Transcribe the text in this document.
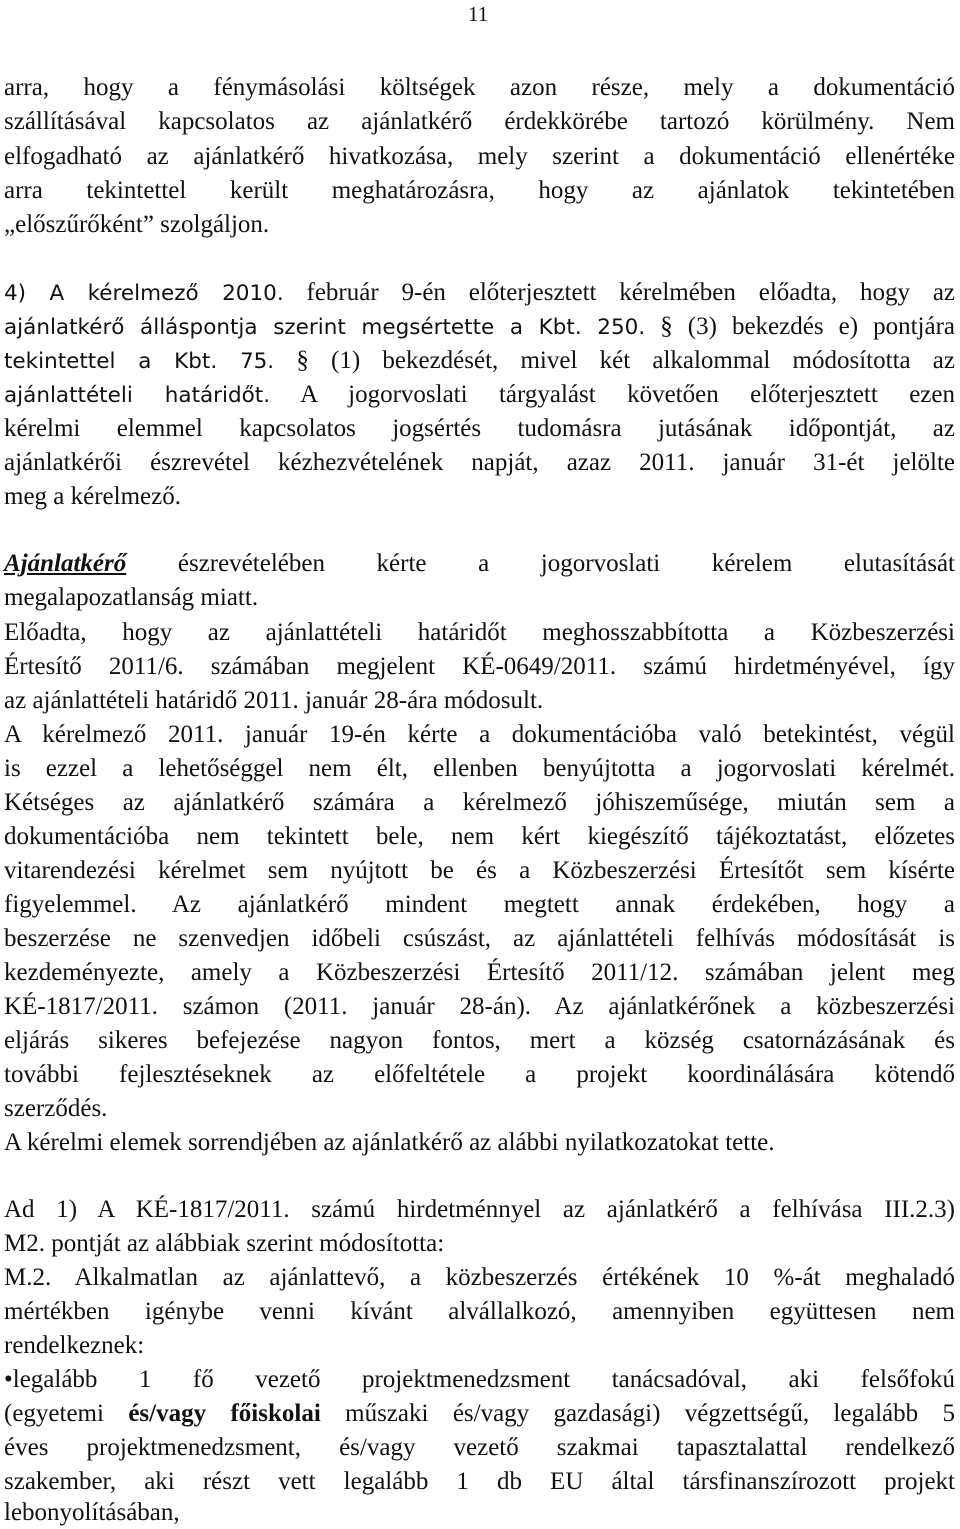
11
arra, hogy a fénymásolási költségek azon része, mely a dokumentáció
szállításával kapcsolatos az ajánlatkérő érdekkörébe tartozó körülmény. Nem
elfogadható az ajánlatkérő hivatkozása, mely szerint a dokumentáció ellenértéke
arra tekintettel került meghatározásra, hogy az ajánlatok tekintetében
„előszűrőként” szolgáljon.
4) A kérelmező 2010. február 9-én előterjesztett kérelmében előadta, hogy az
ajánlatkérő álláspontja szerint megsértette a Kbt. 250. § (3) bekezdés e) pontjára
tekintettel a Kbt. 75. § (1) bekezdését, mivel két alkalommal módosította az
ajánlattételi határidőt. A jogorvoslati tárgyalást követően előterjesztett ezen
kérelmi elemmel kapcsolatos jogsértés tudomásra jutásának időpontját, az
ajánlatkérői észrevétel kézhezvételének napját, azaz 2011. január 31-ét jelölte
meg a kérelmező.
Ajánlatkérő észrevételében kérte a jogorvoslati kérelem elutasítását
megalapozatlanság miatt.
Előadta, hogy az ajánlattételi határidőt meghosszabbította a Közbeszerzési
Értesítő 2011/6. számában megjelent KÉ-0649/2011. számú hirdetményével, így
az ajánlattételi határidő 2011. január 28-ára módosult.
A kérelmező 2011. január 19-én kérte a dokumentációba való betekintést, végül
is ezzel a lehetőséggel nem élt, ellenben benyújtotta a jogorvoslati kérelmét.
Kétséges az ajánlatkérő számára a kérelmező jóhiszeműsége, miután sem a
dokumentációba nem tekintett bele, nem kért kiegészítő tájékoztatást, előzetes
vitarendezési kérelmet sem nyújtott be és a Közbeszerzési Értesítőt sem kísérte
figyelemmel. Az ajánlatkérő mindent megtett annak érdekében, hogy a
beszerzése ne szenvedjen időbeli csúszást, az ajánlattételi felhívás módosítását is
kezdeményezte, amely a Közbeszerzési Értesítő 2011/12. számában jelent meg
KÉ-1817/2011. számon (2011. január 28-án). Az ajánlatkérőnek a közbeszerzési
eljárás sikeres befejezése nagyon fontos, mert a község csatornázásának és
további fejlesztéseknek az előfeltétele a projekt koordinálására kötendő
szerződés.
A kérelmi elemek sorrendjében az ajánlatkérő az alábbi nyilatkozatokat tette.
Ad 1) A KÉ-1817/2011. számú hirdetménnyel az ajánlatkérő a felhívása III.2.3)
M2. pontját az alábbiak szerint módosította:
M.2. Alkalmatlan az ajánlattevő, a közbeszerzés értékének 10 %-át meghaladó
mértékben igénybe venni kívánt alvállalkozó, amennyiben együttesen nem
rendelkeznek:
•legalább 1 fő vezető projektmenedzsment tanácsadóval, aki felsőfokú
(egyetemi és/vagy főiskolai műszaki és/vagy gazdasági) végzettségű, legalább 5
éves projektmenedzsment, és/vagy vezető szakmai tapasztalattal rendelkező
szakember, aki részt vett legalább 1 db EU által társfinanszírozott projekt
lebonyolításában,
